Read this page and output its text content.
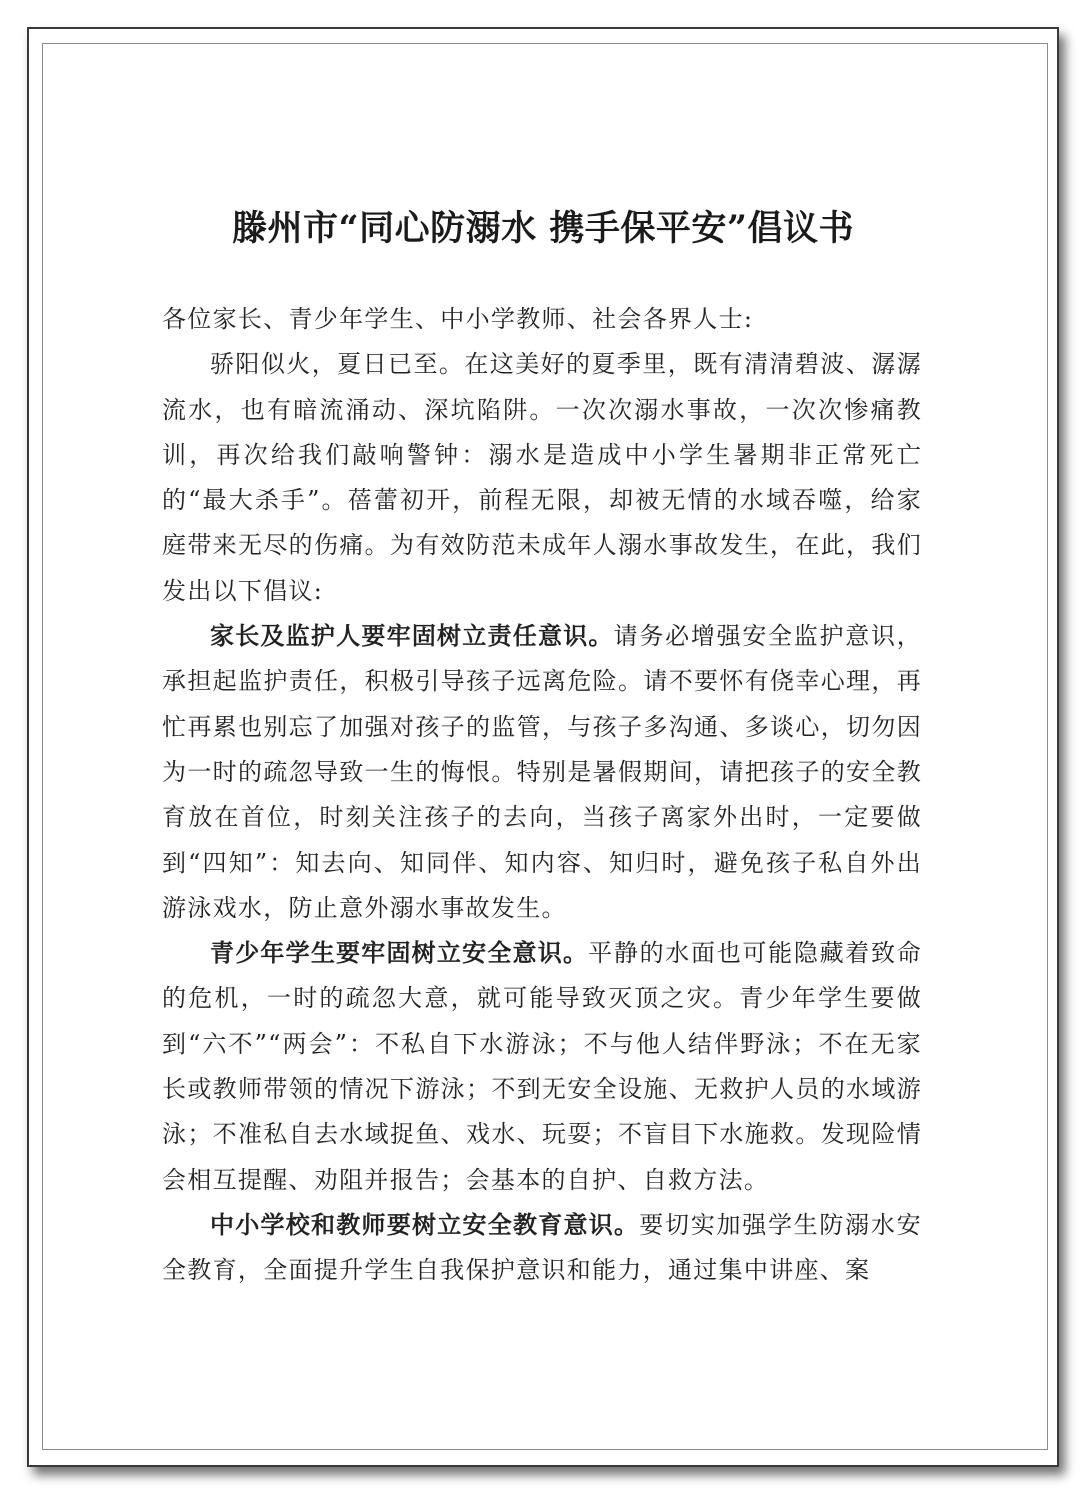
滕州市“同心防溺水 携手保平安”倡议书

各位家长、青少年学生、中小学教师、社会各界人士:

骄阳似火，夏日已至。在这美好的夏季里，既有清清碧波、潺潺流水，也有暗流涌动、深坑陷阱。一次次溺水事故，一次次惨痛教训，再次给我们敲响警钟：溺水是造成中小学生暑期非正常死亡的“最大杀手”。蓓蕾初开，前程无限，却被无情的水域吞噬，给家庭带来无尽的伤痛。为有效防范未成年人溺水事故发生，在此，我们发出以下倡议:

家长及监护人要牢固树立责任意识。请务必增强安全监护意识，承担起监护责任，积极引导孩子远离危险。请不要怀有侥幸心理，再忙再累也别忘了加强对孩子的监管，与孩子多沟通、多谈心，切勿因为一时的疏忽导致一生的悔恨。特别是暑假期间，请把孩子的安全教育放在首位，时刻关注孩子的去向，当孩子离家外出时，一定要做到“四知”：知去向、知同伴、知内容、知归时，避免孩子私自外出游泳戏水，防止意外溺水事故发生。

青少年学生要牢固树立安全意识。平静的水面也可能隐藏着致命的危机，一时的疏忽大意，就可能导致灭顶之灾。青少年学生要做到“六不”“两会”：不私自下水游泳；不与他人结伴野泳；不在无家长或教师带领的情况下游泳；不到无安全设施、无救护人员的水域游泳；不准私自去水域捉鱼、戏水、玩耍；不盲目下水施救。发现险情会相互提醒、劝阻并报告；会基本的自护、自救方法。

中小学校和教师要树立安全教育意识。要切实加强学生防溺水安全教育，全面提升学生自我保护意识和能力，通过集中讲座、案
